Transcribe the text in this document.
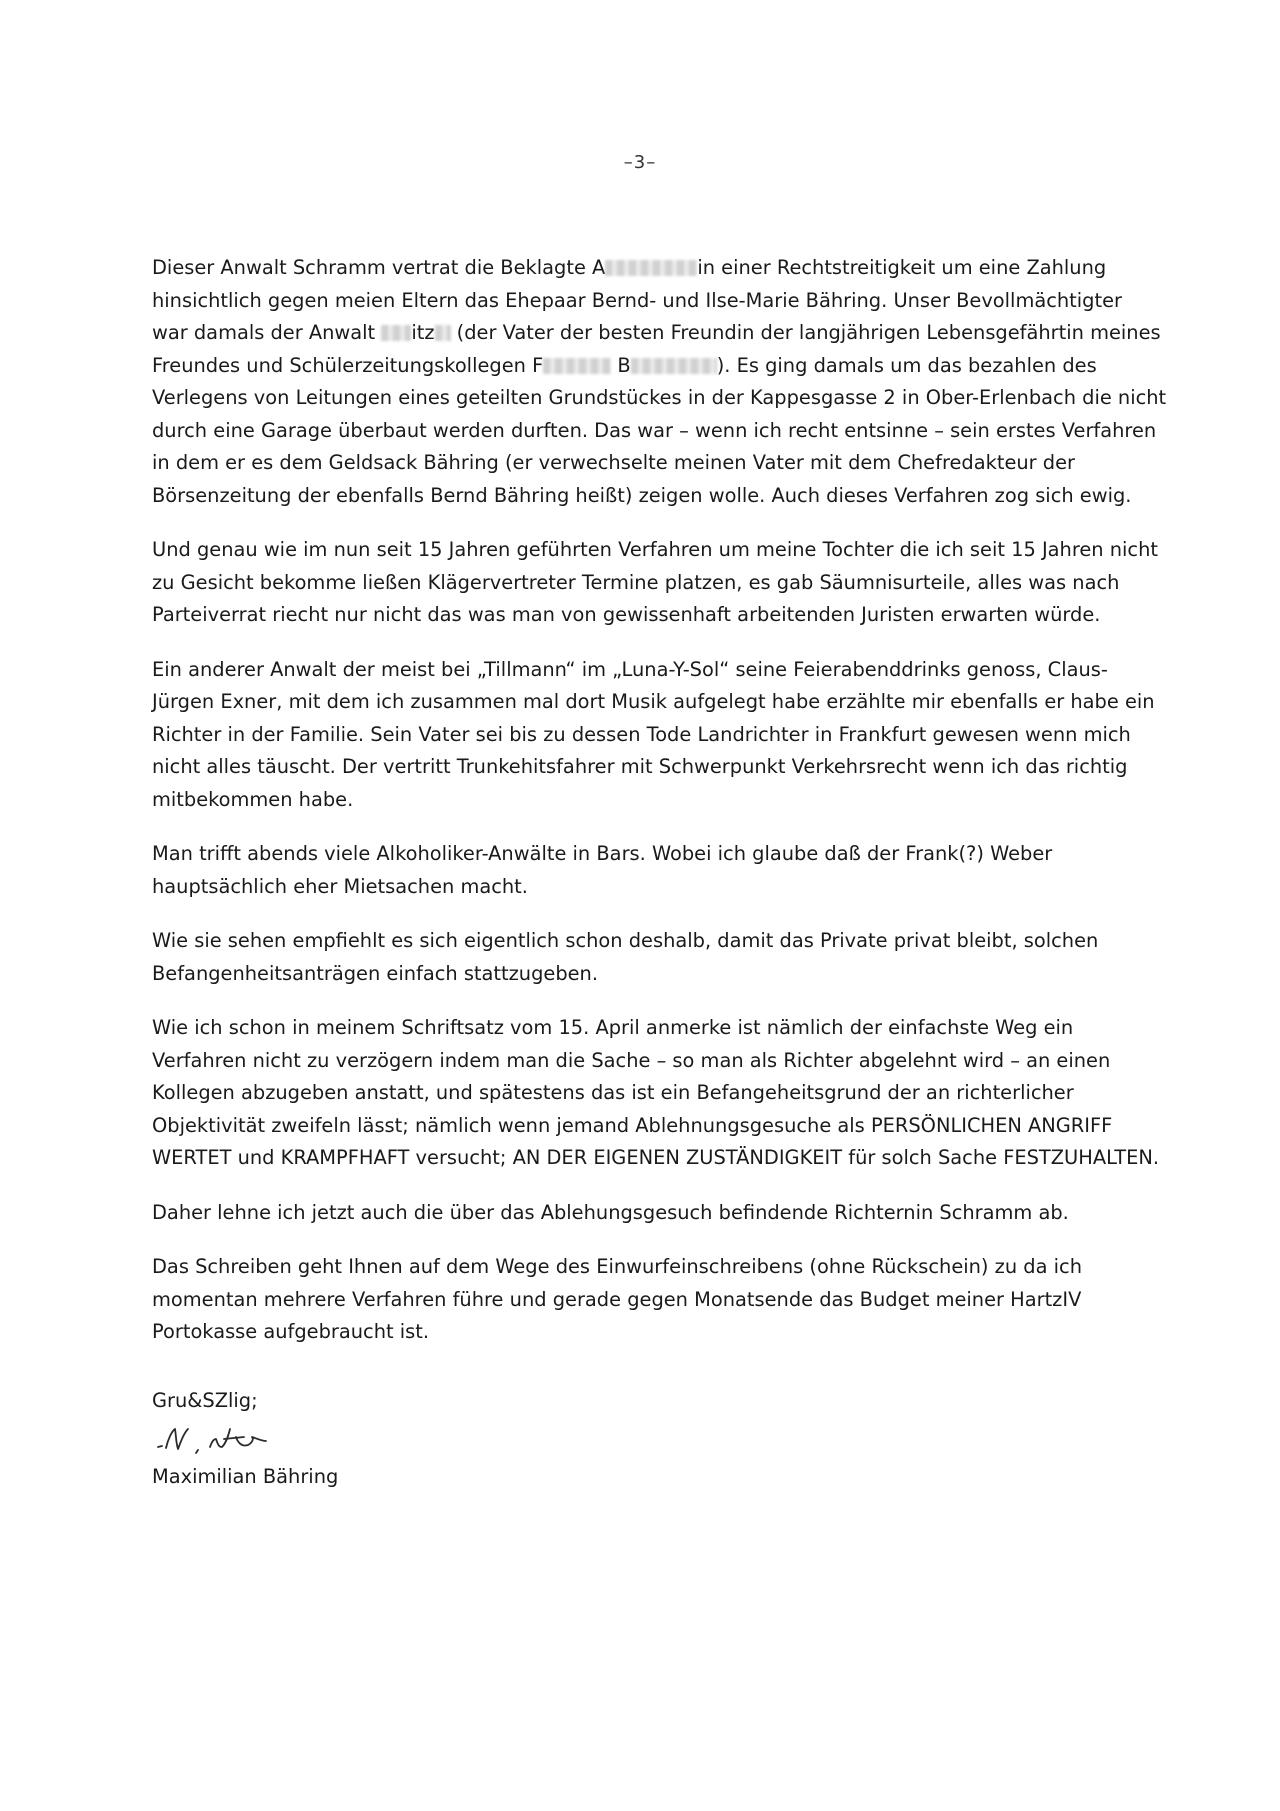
–3–

Dieser Anwalt Schramm vertrat die Beklagte A	in einer Rechtstreitigkeit um eine Zahlung
hinsichtlich gegen meien Eltern das Ehepaar Bernd- und Ilse-Marie Bähring. Unser Bevollmächtigter
war damals der Anwalt itz (der Vater der besten Freundin der langjährigen Lebensgefährtin meines
Freundes und Schülerzeitungskollegen F	B	). Es ging damals um das bezahlen des
Verlegens von Leitungen eines geteilten Grundstückes in der Kappesgasse 2 in Ober-Erlenbach die nicht
durch eine Garage überbaut werden durften. Das war – wenn ich recht entsinne – sein erstes Verfahren
in dem er es dem Geldsack Bähring (er verwechselte meinen Vater mit dem Chefredakteur der
Börsenzeitung der ebenfalls Bernd Bähring heißt) zeigen wolle. Auch dieses Verfahren zog sich ewig.

Und genau wie im nun seit 15 Jahren geführten Verfahren um meine Tochter die ich seit 15 Jahren nicht
zu Gesicht bekomme ließen Klägervertreter Termine platzen, es gab Säumnisurteile, alles was nach
Parteiverrat riecht nur nicht das was man von gewissenhaft arbeitenden Juristen erwarten würde.

Ein anderer Anwalt der meist bei „Tillmann“ im „Luna-Y-Sol“ seine Feierabenddrinks genoss, Claus-
Jürgen Exner, mit dem ich zusammen mal dort Musik aufgelegt habe erzählte mir ebenfalls er habe ein
Richter in der Familie. Sein Vater sei bis zu dessen Tode Landrichter in Frankfurt gewesen wenn mich
nicht alles täuscht. Der vertritt Trunkehitsfahrer mit Schwerpunkt Verkehrsrecht wenn ich das richtig
mitbekommen habe.

Man trifft abends viele Alkoholiker-Anwälte in Bars. Wobei ich glaube daß der Frank(?) Weber
hauptsächlich eher Mietsachen macht.

Wie sie sehen empfiehlt es sich eigentlich schon deshalb, damit das Private privat bleibt, solchen
Befangenheitsanträgen einfach stattzugeben.

Wie ich schon in meinem Schriftsatz vom 15. April anmerke ist nämlich der einfachste Weg ein
Verfahren nicht zu verzögern indem man die Sache – so man als Richter abgelehnt wird – an einen
Kollegen abzugeben anstatt, und spätestens das ist ein Befangeheitsgrund der an richterlicher
Objektivität zweifeln lässt; nämlich wenn jemand Ablehnungsgesuche als PERSÖNLICHEN ANGRIFF
WERTET und KRAMPFHAFT versucht; AN DER EIGENEN ZUSTÄNDIGKEIT für solch Sache FESTZUHALTEN.

Daher lehne ich jetzt auch die über das Ablehungsgesuch befindende Richternin Schramm ab.

Das Schreiben geht Ihnen auf dem Wege des Einwurfeinschreibens (ohne Rückschein) zu da ich
momentan mehrere Verfahren führe und gerade gegen Monatsende das Budget meiner HartzIV
Portokasse aufgebraucht ist.

Gru&SZlig;
Maximilian Bähring
